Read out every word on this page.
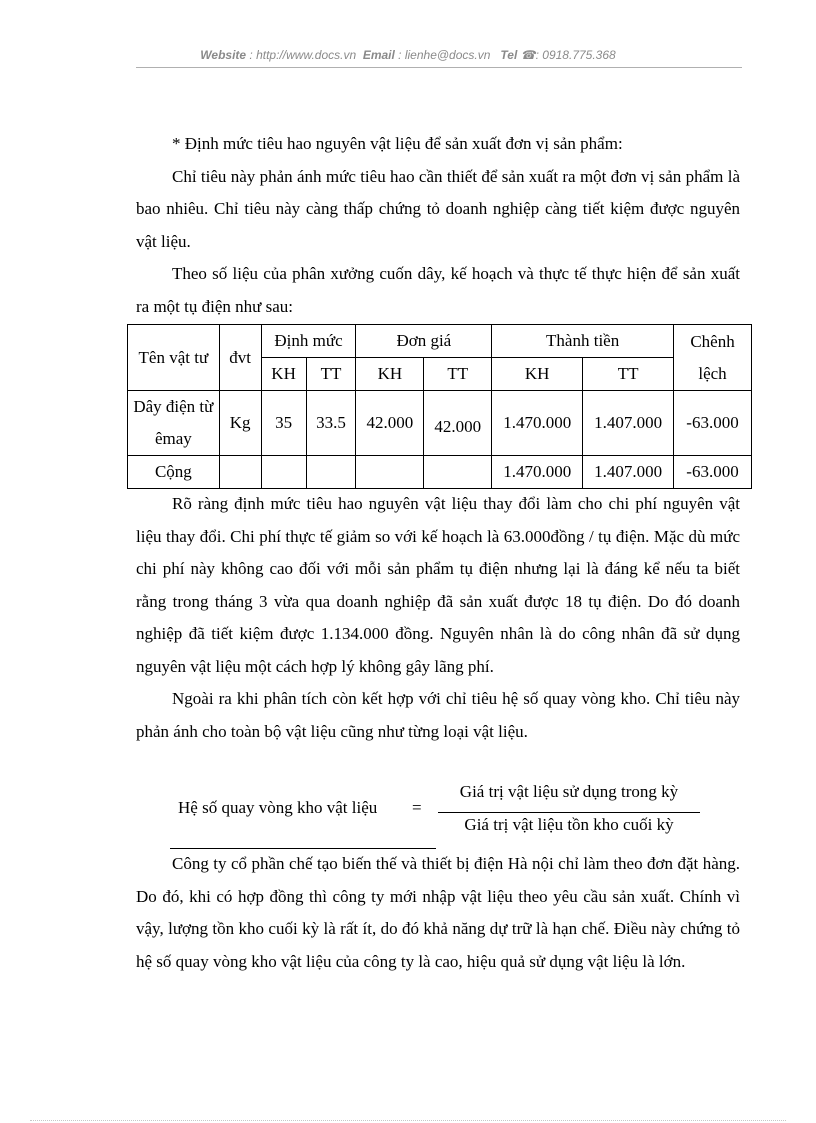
Website : http://www.docs.vn Email : lienhe@docs.vn Tel ☎: 0918.775.368

* Định mức tiêu hao nguyên vật liệu để sản xuất đơn vị sản phẩm:

Chỉ tiêu này phản ánh mức tiêu hao cần thiết để sản xuất ra một đơn vị sản phẩm là bao nhiêu. Chỉ tiêu này càng thấp chứng tỏ doanh nghiệp càng tiết kiệm được nguyên vật liệu.

Theo số liệu của phân xưởng cuốn dây, kế hoạch và thực tế thực hiện để sản xuất ra một tụ điện như sau:

Tên vật tư	đvt	Định mức		Đơn giá		Thành tiền		Chênh lệch
		KH	TT	KH	TT	KH	TT	
Dây điện từ êmay	Kg	35	33.5	42.000	42.000	1.470.000	1.407.000	-63.000
Cộng						1.470.000	1.407.000	-63.000

Rõ ràng định mức tiêu hao nguyên vật liệu thay đổi làm cho chi phí nguyên vật liệu thay đổi. Chi phí thực tế giảm so với kế hoạch là 63.000đồng / tụ điện. Mặc dù mức chi phí này không cao đối với mỗi sản phẩm tụ điện nhưng lại là đáng kể nếu ta biết rằng trong tháng 3 vừa qua doanh nghiệp đã sản xuất được 18 tụ điện. Do đó doanh nghiệp đã tiết kiệm được 1.134.000 đồng. Nguyên nhân là do công nhân đã sử dụng nguyên vật liệu một cách hợp lý không gây lãng phí.

Ngoài ra khi phân tích còn kết hợp với chỉ tiêu hệ số quay vòng kho. Chỉ tiêu này phản ánh cho toàn bộ vật liệu cũng như từng loại vật liệu.

Hệ số quay vòng kho vật liệu =
Giá trị vật liệu sử dụng trong kỳ
Giá trị vật liệu tồn kho cuối kỳ

Công ty cổ phần chế tạo biến thế và thiết bị điện Hà nội chỉ làm theo đơn đặt hàng. Do đó, khi có hợp đồng thì công ty mới nhập vật liệu theo yêu cầu sản xuất. Chính vì vậy, lượng tồn kho cuối kỳ là rất ít, do đó khả năng dự trữ là hạn chế. Điều này chứng tỏ hệ số quay vòng kho vật liệu của công ty là cao, hiệu quả sử dụng vật liệu là lớn.
